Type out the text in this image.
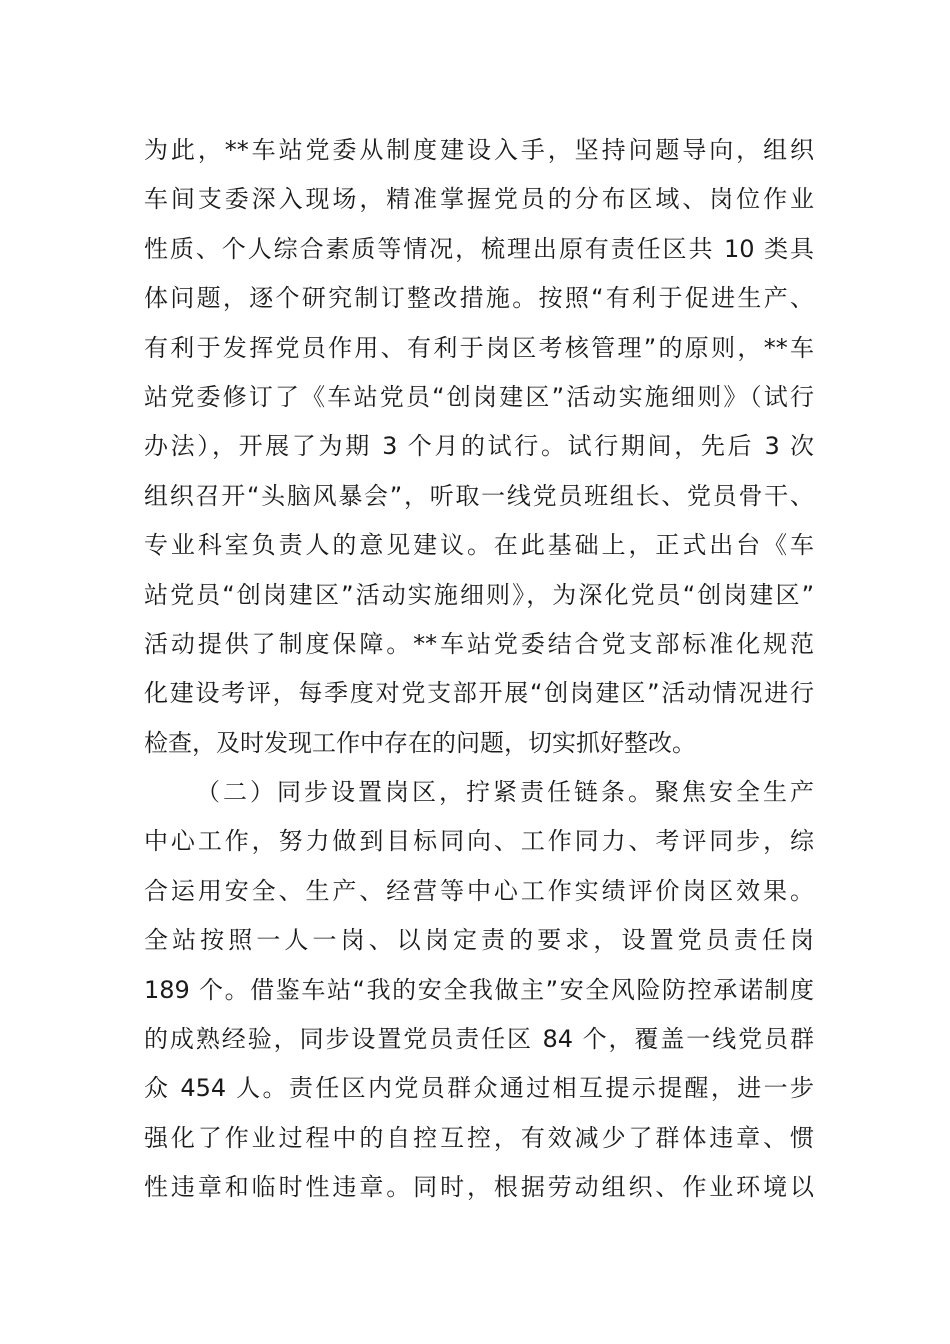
为此，**车站党委从制度建设入手，坚持问题导向，组织
车间支委深入现场，精准掌握党员的分布区域、岗位作业
性质、个人综合素质等情况，梳理出原有责任区共 10 类具
体问题，逐个研究制订整改措施。按照“有利于促进生产、
有利于发挥党员作用、有利于岗区考核管理”的原则，**车
站党委修订了《车站党员“创岗建区”活动实施细则》（试行
办法），开展了为期 3 个月的试行。试行期间，先后 3 次
组织召开“头脑风暴会”，听取一线党员班组长、党员骨干、
专业科室负责人的意见建议。在此基础上，正式出台《车
站党员“创岗建区”活动实施细则》，为深化党员“创岗建区”
活动提供了制度保障。**车站党委结合党支部标准化规范
化建设考评，每季度对党支部开展“创岗建区”活动情况进行
检查，及时发现工作中存在的问题，切实抓好整改。
（二）同步设置岗区，拧紧责任链条。聚焦安全生产
中心工作，努力做到目标同向、工作同力、考评同步，综
合运用安全、生产、经营等中心工作实绩评价岗区效果。
全站按照一人一岗、以岗定责的要求，设置党员责任岗
189 个。借鉴车站“我的安全我做主”安全风险防控承诺制度
的成熟经验，同步设置党员责任区 84 个，覆盖一线党员群
众 454 人。责任区内党员群众通过相互提示提醒，进一步
强化了作业过程中的自控互控，有效减少了群体违章、惯
性违章和临时性违章。同时，根据劳动组织、作业环境以
